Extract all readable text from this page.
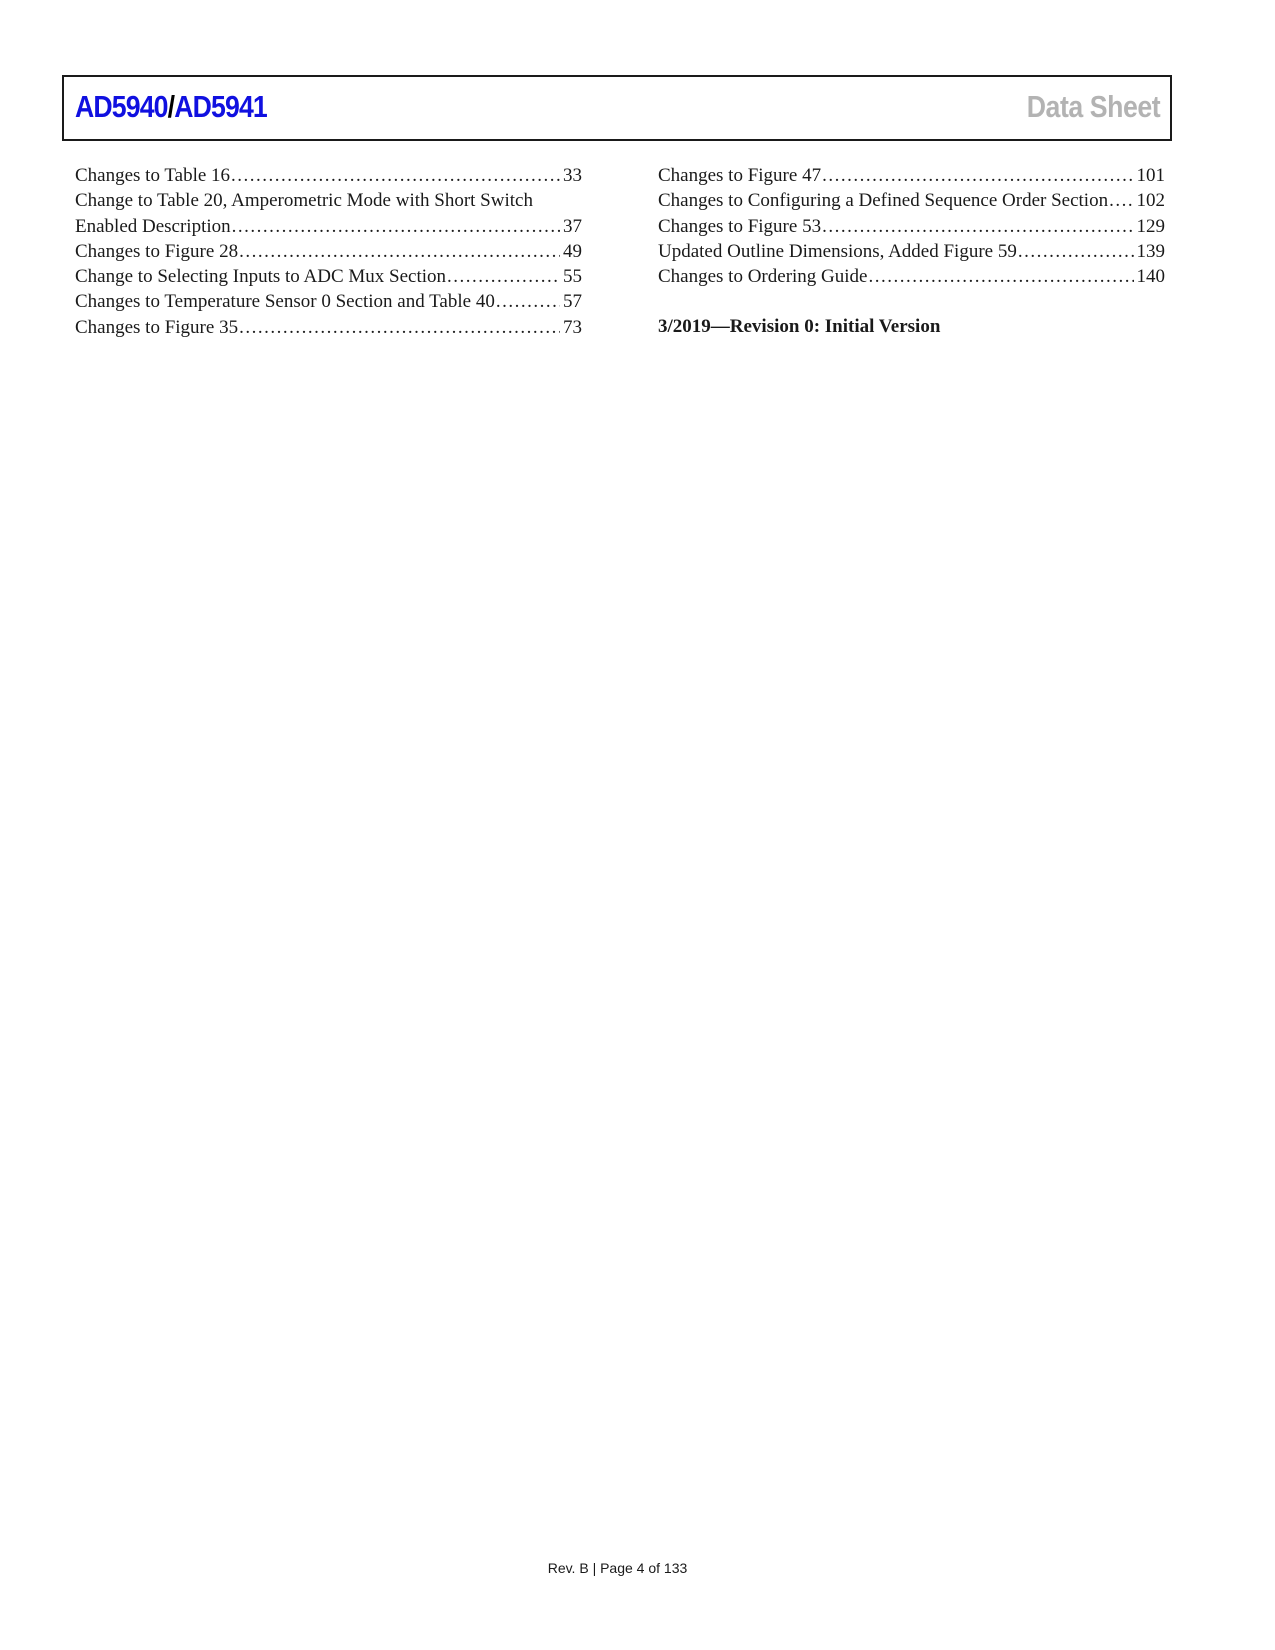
AD5940/AD5941	Data Sheet
Changes to Table 16 .....	33
Change to Table 20, Amperometric Mode with Short Switch
Enabled Description .....	37
Changes to Figure 28 .....	49
Change to Selecting Inputs to ADC Mux Section .....	55
Changes to Temperature Sensor 0 Section and Table 40 .....	57
Changes to Figure 35 .....	73
Changes to Figure 47 .....	101
Changes to Configuring a Defined Sequence Order Section ..... 102
Changes to Figure 53 .....	129
Updated Outline Dimensions, Added Figure 59 .....	139
Changes to Ordering Guide .....	140
3/2019—Revision 0: Initial Version
Rev. B | Page 4 of 133
